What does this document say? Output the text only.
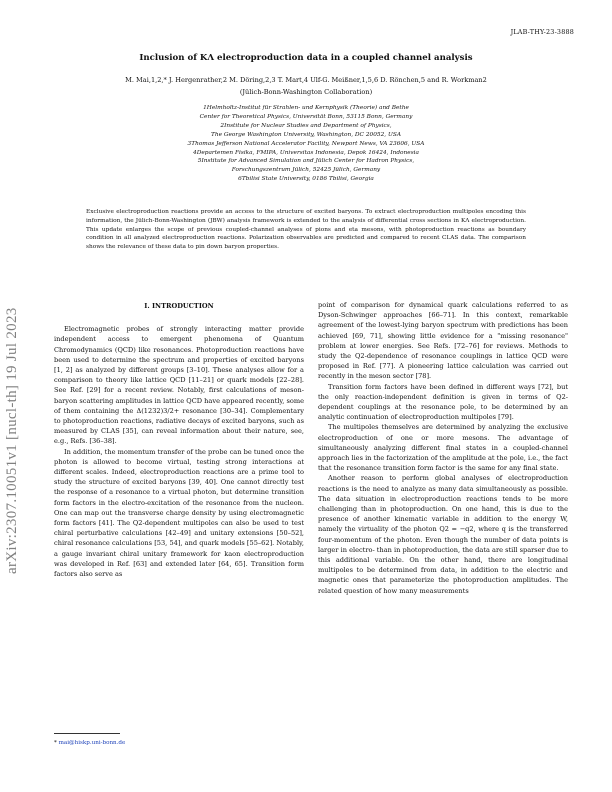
JLAB-THY-23-3888
arXiv:2307.10051v1 [nucl-th] 19 Jul 2023
Inclusion of KΛ electroproduction data in a coupled channel analysis
M. Mai,1,2,* J. Hergenrather,2 M. Döring,2,3 T. Mart,4 Ulf-G. Meißner,1,5,6 D. Rönchen,5 and R. Workman2
(Jülich-Bonn-Washington Collaboration)
1Helmholtz-Institut für Strahlen- und Kernphysik (Theorie) and Bethe
Center for Theoretical Physics, Universität Bonn, 53115 Bonn, Germany
2Institute for Nuclear Studies and Department of Physics,
The George Washington University, Washington, DC 20052, USA
3Thomas Jefferson National Accelerator Facility, Newport News, VA 23606, USA
4Departemen Fisika, FMIPA, Universitas Indonesia, Depok 16424, Indonesia
5Institute for Advanced Simulation and Jülich Center for Hadron Physics,
Forschungszentrum Jülich, 52425 Jülich, Germany
6Tbilisi State University, 0186 Tbilisi, Georgia
Exclusive electroproduction reactions provide an access to the structure of excited baryons. To extract electroproduction multipoles encoding this information, the Jülich-Bonn-Washington (JBW) analysis framework is extended to the analysis of differential cross sections in KΛ electroproduction. This update enlarges the scope of previous coupled-channel analyses of pions and eta mesons, with photoproduction reactions as boundary condition in all analyzed electroproduction reactions. Polarization observables are predicted and compared to recent CLAS data. The comparison shows the relevance of these data to pin down baryon properties.
I. INTRODUCTION

Electromagnetic probes of strongly interacting matter provide independent access to emergent phenomena of Quantum Chromodynamics (QCD) like resonances. Photoproduction reactions have been used to determine the spectrum and properties of excited baryons [1, 2] as analyzed by different groups [3–10]. These analyses allow for a comparison to theory like lattice QCD [11–21] or quark models [22–28]. See Ref. [29] for a recent review. Notably, first calculations of meson-baryon scattering amplitudes in lattice QCD have appeared recently, some of them containing the Δ(1232)3/2+ resonance [30–34]. Complementary to photoproduction reactions, radiative decays of excited baryons, such as measured by CLAS [35], can reveal information about their nature, see, e.g., Refs. [36–38].

In addition, the momentum transfer of the probe can be tuned once the photon is allowed to become virtual, testing strong interactions at different scales. Indeed, electroproduction reactions are a prime tool to study the structure of excited baryons [39, 40]. One cannot directly test the response of a resonance to a virtual photon, but determine transition form factors in the electro-excitation of the resonance from the nucleon. One can map out the transverse charge density by using electromagnetic form factors [41]. The Q2-dependent multipoles can also be used to test chiral perturbative calculations [42–49] and unitary extensions [50–52], chiral resonance calculations [53, 54], and quark models [55–62]. Notably, a gauge invariant chiral unitary framework for kaon electroproduction was developed in Ref. [63] and extended later [64, 65]. Transition form factors also serve as

point of comparison for dynamical quark calculations referred to as Dyson-Schwinger approaches [66–71]. In this context, remarkable agreement of the lowest-lying baryon spectrum with predictions has been achieved [69, 71], showing little evidence for a "missing resonance" problem at lower energies. See Refs. [72–76] for reviews. Methods to study the Q2-dependence of resonance couplings in lattice QCD were proposed in Ref. [77]. A pioneering lattice calculation was carried out recently in the meson sector [78].

Transition form factors have been defined in different ways [72], but the only reaction-independent definition is given in terms of Q2-dependent couplings at the resonance pole, to be determined by an analytic continuation of electroproduction multipoles [79].

The multipoles themselves are determined by analyzing the exclusive electroproduction of one or more mesons. The advantage of simultaneously analyzing different final states in a coupled-channel approach lies in the factorization of the amplitude at the pole, i.e., the fact that the resonance transition form factor is the same for any final state.

Another reason to perform global analyses of electroproduction reactions is the need to analyze as many data simultaneously as possible. The data situation in electroproduction reactions tends to be more challenging than in photoproduction. On one hand, this is due to the presence of another kinematic variable in addition to the energy W, namely the virtuality of the photon Q2 = −q2, where q is the transferred four-momentum of the photon. Even though the number of data points is larger in electro- than in photoproduction, the data are still sparser due to this additional variable. On the other hand, there are longitudinal multipoles to be determined from data, in addition to the electric and magnetic ones that parameterize the photoproduction amplitudes. The related question of how many measurements

* mai@hiskp.uni-bonn.de
